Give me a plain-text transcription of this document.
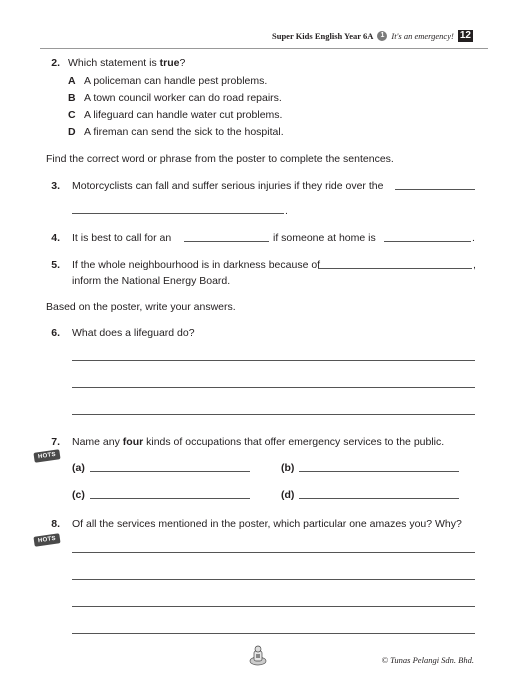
Super Kids English Year 6A	1 It's an emergency! 12
2. Which statement is true?
A A policeman can handle pest problems.
B A town council worker can do road repairs.
C A lifeguard can handle water cut problems.
D A fireman can send the sick to the hospital.
Find the correct word or phrase from the poster to complete the sentences.
3. Motorcyclists can fall and suffer serious injuries if they ride over the
.
4. It is best to call for an	if someone at home is	.
5. If the whole neighbourhood is in darkness because of	,
inform the National Energy Board.
Based on the poster, write your answers.
6. What does a lifeguard do?
7. Name any four kinds of occupations that offer emergency services to the public.
HOTS
(a)	(b)
(c)	(d)
8. Of all the services mentioned in the poster, which particular one amazes you? Why?
HOTS
© Tunas Pelangi Sdn. Bhd.
